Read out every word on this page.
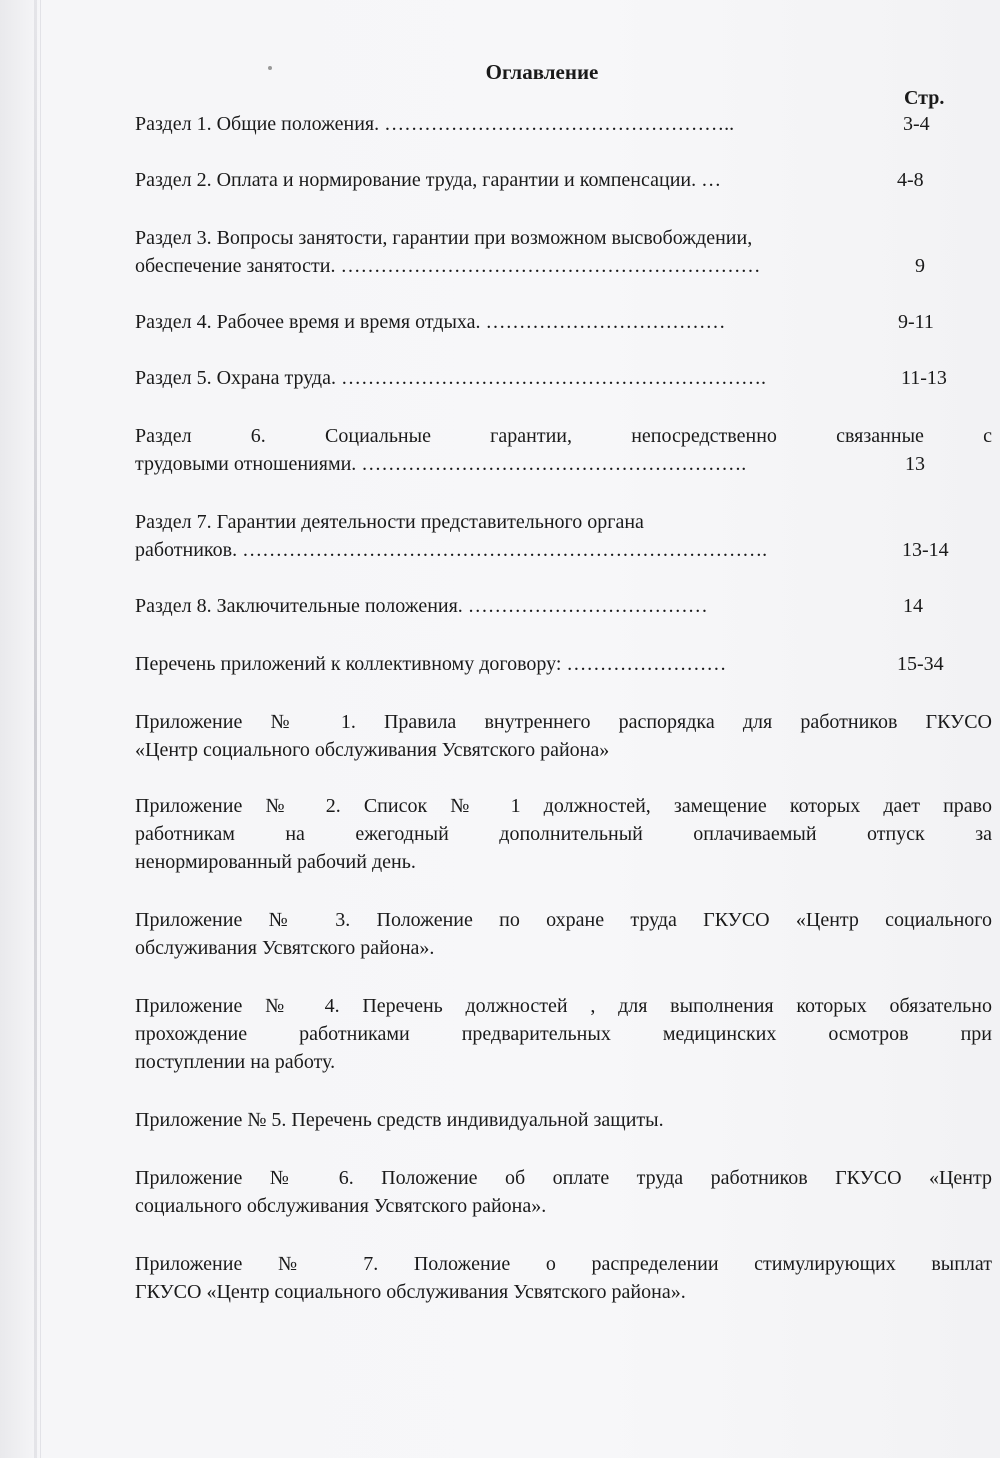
Оглавление
Стр.
Раздел 1. Общие положения. ……………………………………………..	3-4
Раздел 2. Оплата и нормирование труда, гарантии и компенсации. …	4-8
Раздел 3. Вопросы занятости, гарантии при возможном высвобождении,
обеспечение занятости. ………………………………………………………	9
Раздел 4. Рабочее время и время отдыха. ………………………………	9-11
Раздел 5. Охрана труда. ……………………………………………………….	11-13
Раздел 6. Социальные гарантии, непосредственно связанные с
трудовыми отношениями. ………………………………………………….	13
Раздел 7. Гарантии деятельности представительного органа
работников. …………………………………………………………………….	13-14
Раздел 8. Заключительные положения. ………………………………	14
Перечень приложений к коллективному договору: ……………………	15-34
Приложение № 1. Правила внутреннего распорядка для работников ГКУСО
«Центр социального обслуживания Усвятского района»
Приложение № 2. Список № 1 должностей, замещение которых дает право
работникам на ежегодный дополнительный оплачиваемый отпуск за
ненормированный рабочий день.
Приложение № 3. Положение по охране труда ГКУСО «Центр социального
обслуживания Усвятского района».
Приложение № 4. Перечень должностей , для выполнения которых обязательно
прохождение работниками предварительных медицинских осмотров при
поступлении на работу.
Приложение № 5. Перечень средств индивидуальной защиты.
Приложение № 6. Положение об оплате труда работников ГКУСО «Центр
социального обслуживания Усвятского района».
Приложение № 7. Положение о распределении стимулирующих выплат
ГКУСО «Центр социального обслуживания Усвятского района».
